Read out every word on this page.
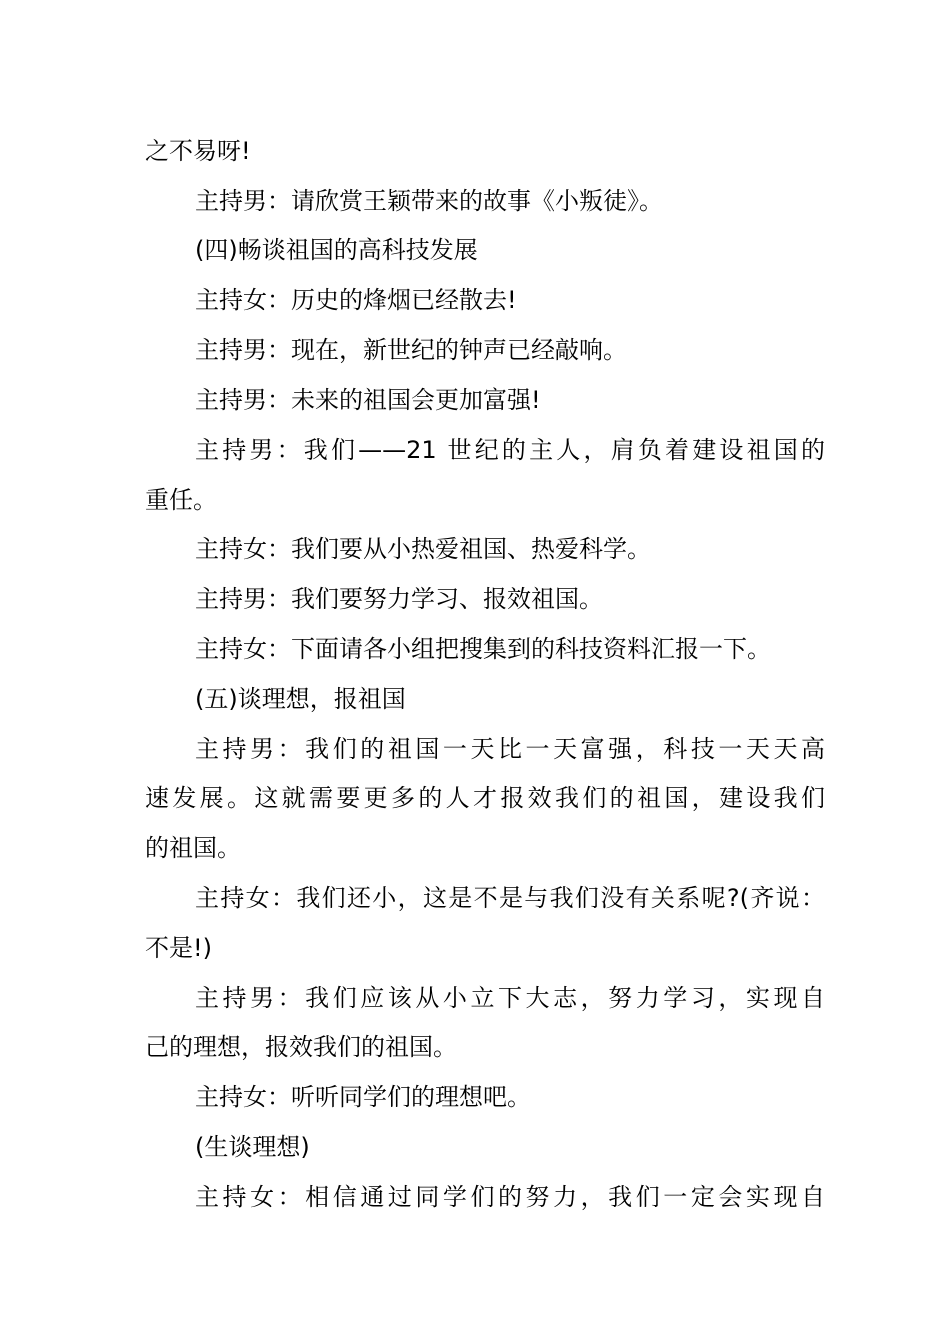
之不易呀!
主持男：请欣赏王颖带来的故事《小叛徒》。
(四)畅谈祖国的高科技发展
主持女：历史的烽烟已经散去!
主持男：现在，新世纪的钟声已经敲响。
主持男：未来的祖国会更加富强!
主持男：我们——21 世纪的主人，肩负着建设祖国的
重任。
主持女：我们要从小热爱祖国、热爱科学。
主持男：我们要努力学习、报效祖国。
主持女：下面请各小组把搜集到的科技资料汇报一下。
(五)谈理想，报祖国
主持男：我们的祖国一天比一天富强，科技一天天高
速发展。这就需要更多的人才报效我们的祖国，建设我们
的祖国。
主持女：我们还小，这是不是与我们没有关系呢?(齐说：
不是!)
主持男：我们应该从小立下大志，努力学习，实现自
己的理想，报效我们的祖国。
主持女：听听同学们的理想吧。
(生谈理想)
主持女：相信通过同学们的努力，我们一定会实现自
